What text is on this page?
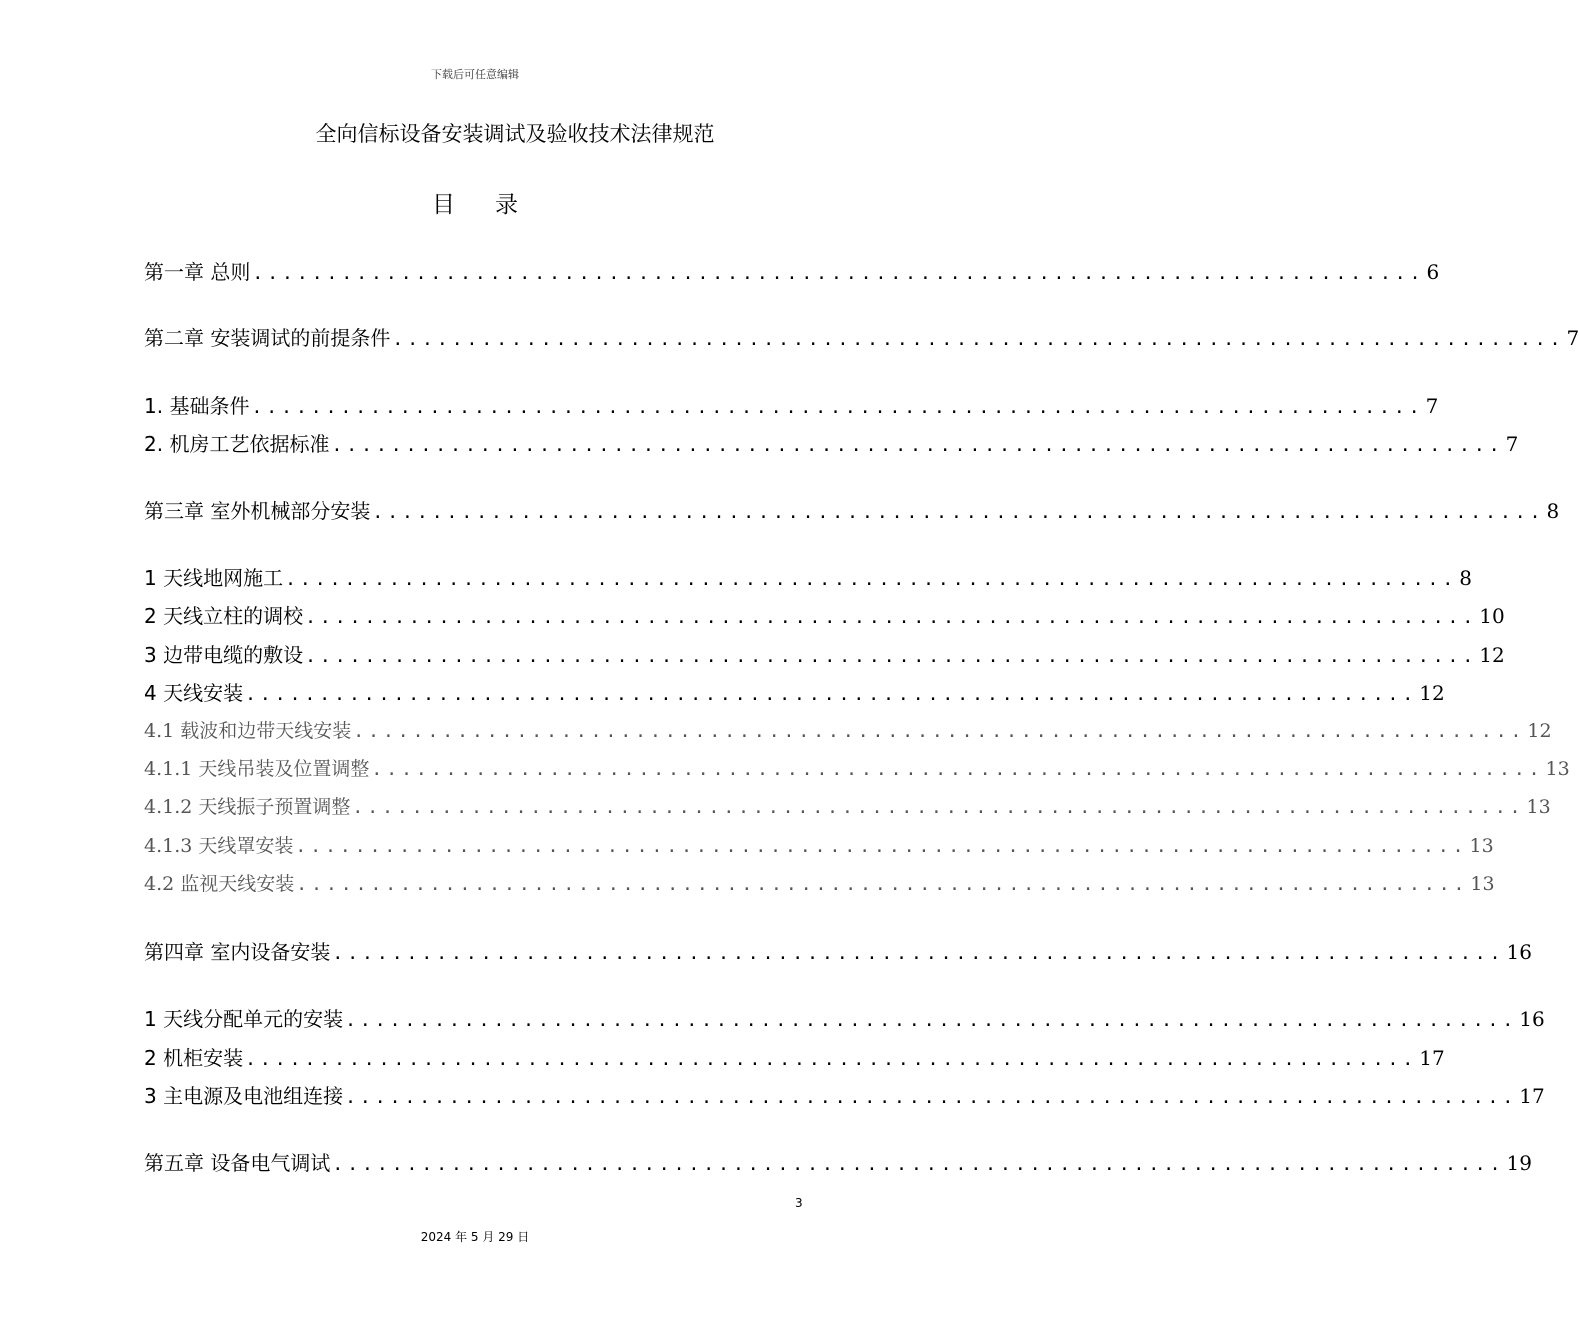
下载后可任意编辑
全向信标设备安装调试及验收技术法律规范
目录
第一章 总则 ............................................................................... 6
第二章 安装调试的前提条件 ............................................................................... 7
1. 基础条件 ............................................................................... 7
2. 机房工艺依据标准 ............................................................................... 7
第三章 室外机械部分安装 ............................................................................... 8
1 天线地网施工 ............................................................................... 8
2 天线立柱的调校 ............................................................................... 10
3 边带电缆的敷设 ............................................................................... 12
4 天线安装 ............................................................................... 12
4.1 载波和边带天线安装 ............................................................................... 12
4.1.1 天线吊装及位置调整 ............................................................................... 13
4.1.2 天线振子预置调整 ............................................................................... 13
4.1.3 天线罩安装 ............................................................................... 13
4.2 监视天线安装 ............................................................................... 13
第四章 室内设备安装 ............................................................................... 16
1 天线分配单元的安装 ............................................................................... 16
2 机柜安装 ............................................................................... 17
3 主电源及电池组连接 ............................................................................... 17
第五章 设备电气调试 ............................................................................... 19
3
2024 年 5 月 29 日
